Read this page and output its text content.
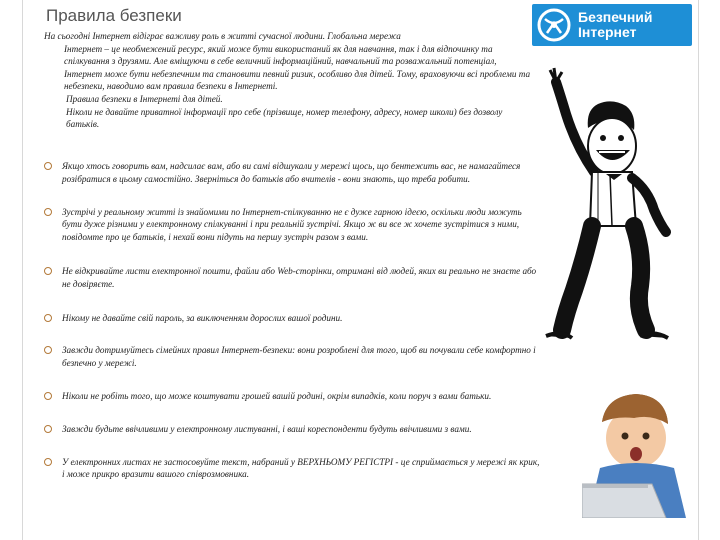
Правила безпеки

На сьогодні Інтернет відіграє важливу роль в житті сучасної людини. Глобальна мережа

Інтернет – це необмежений ресурс, який може бути використаний як для навчання, так і для відпочинку та спілкування з друзями. Але вміщуючи в себе величний інформаційний, навчальний та розважальний потенціал, Інтернет може бути небезпечним та становити певний ризик, особливо для дітей. Тому, враховуючи всі проблеми та небезпеки, наводимо вам правила безпеки в Інтернеті.

Правила безпеки в Інтернеті для дітей.

Ніколи не давайте приватної інформації про себе (прізвище, номер телефону, адресу, номер школи) без дозволу батьків.

Якщо хтось говорить вам, надсилає вам, або ви самі відшукали у мережі щось, що бентежить вас, не намагайтеся розібратися в цьому самостійно. Зверніться до батьків або вчителів - вони знають, що треба робити.
Зустрічі у реальному житті із знайомими по Інтернет-спілкуванню не є дуже гарною ідеєю, оскільки люди можуть бути дуже різними у електронному спілкуванні і при реальній зустрічі. Якщо ж ви все ж хочете зустрітися з ними, повідомте про це батьків, і нехай вони підуть на першу зустріч разом з вами.
Не відкривайте листи електронної пошти, файли або Web-сторінки, отримані від людей, яких ви реально не знаєте або не довіряєте.
Нікому не давайте свій пароль, за виключенням дорослих вашої родини.
Завжди дотримуйтесь сімейних правил Інтернет-безпеки: вони розроблені для того, щоб ви почували себе комфортно і безпечно у мережі.
Ніколи не робіть того, що може коштувати грошей вашій родині, окрім випадків, коли поруч з вами батьки.
Завжди будьте ввічливими у електронному листуванні, і ваші кореспонденти будуть ввічливими з вами.
У електронних листах не застосовуйте текст, набраний у ВЕРХНЬОМУ РЕГІСТРІ - це сприймається у мережі як крик, і може прикро вразити вашого співрозмовника.
Безпечний
Інтернет
